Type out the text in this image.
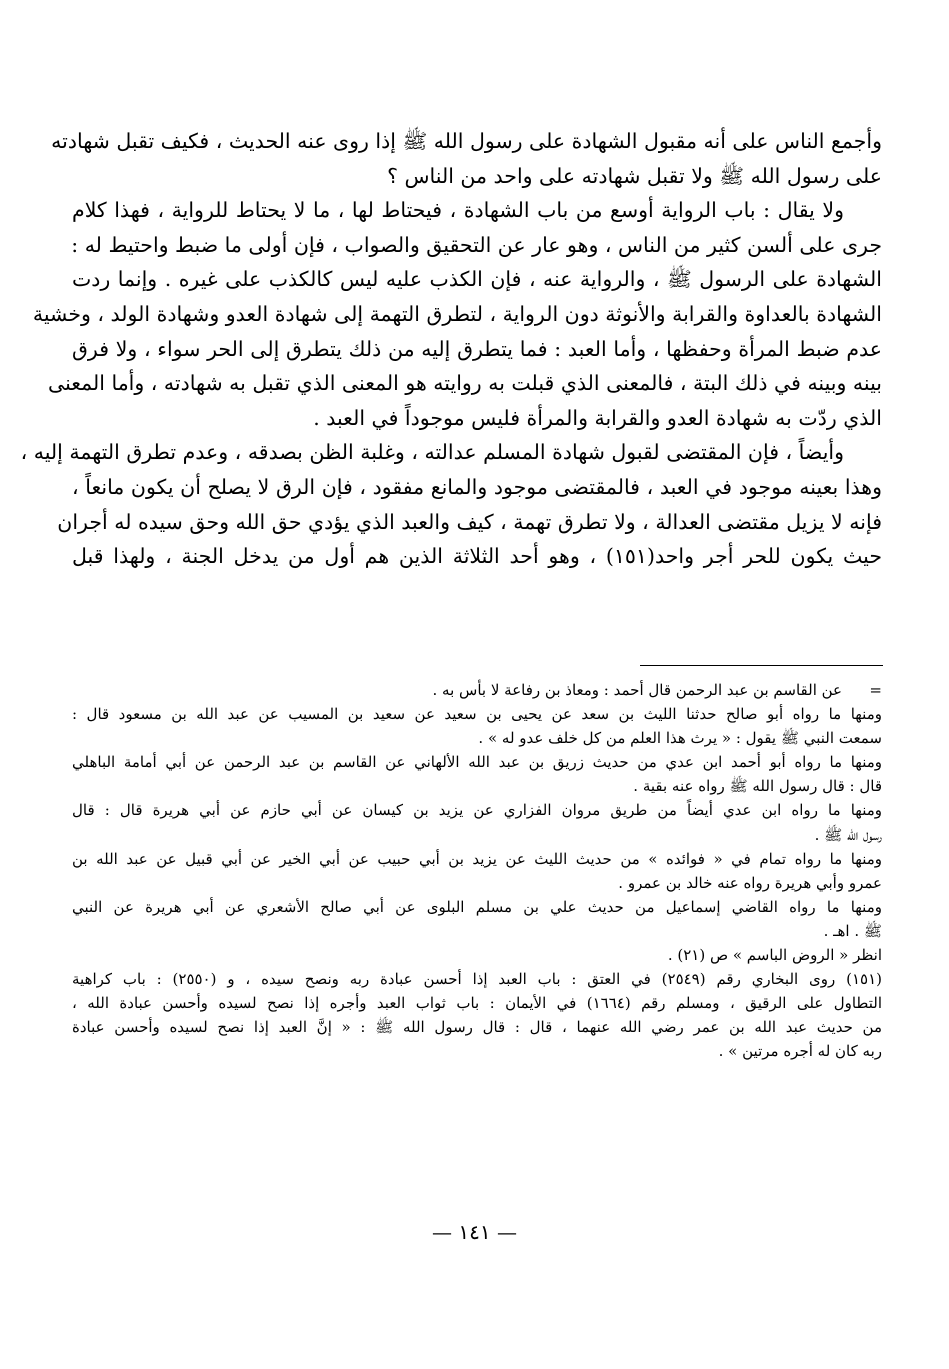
وأجمع الناس على أنه مقبول الشهادة على رسول الله ﷺ إذا روى عنه الحديث ، فكيف تقبل شهادته
على رسول الله ﷺ ولا تقبل شهادته على واحد من الناس ؟
ولا يقال : باب الرواية أوسع من باب الشهادة ، فيحتاط لها ، ما لا يحتاط للرواية ، فهذا كلام
جرى على ألسن كثير من الناس ، وهو عار عن التحقيق والصواب ، فإن أولى ما ضبط واحتيط له :
الشهادة على الرسول ﷺ ، والرواية عنه ، فإن الكذب عليه ليس كالكذب على غيره . وإنما ردت
الشهادة بالعداوة والقرابة والأنوثة دون الرواية ، لتطرق التهمة إلى شهادة العدو وشهادة الولد ، وخشية
عدم ضبط المرأة وحفظها ، وأما العبد : فما يتطرق إليه من ذلك يتطرق إلى الحر سواء ، ولا فرق
بينه وبينه في ذلك البتة ، فالمعنى الذي قبلت به روايته هو المعنى الذي تقبل به شهادته ، وأما المعنى
الذي ردّت به شهادة العدو والقرابة والمرأة فليس موجوداً في العبد .
وأيضاً ، فإن المقتضى لقبول شهادة المسلم عدالته ، وغلبة الظن بصدقه ، وعدم تطرق التهمة إليه ،
وهذا بعينه موجود في العبد ، فالمقتضى موجود والمانع مفقود ، فإن الرق لا يصلح أن يكون مانعاً ،
فإنه لا يزيل مقتضى العدالة ، ولا تطرق تهمة ، كيف والعبد الذي يؤدي حق الله وحق سيده له أجران
حيث يكون للحر أجر واحد(١٥١) ، وهو أحد الثلاثة الذين هم أول من يدخل الجنة ، ولهذا قبل
=عن القاسم بن عبد الرحمن قال أحمد : ومعاذ بن رفاعة لا بأس به .
ومنها ما رواه أبو صالح حدثنا الليث بن سعد عن يحيى بن سعيد عن سعيد بن المسيب عن عبد الله بن مسعود قال :
سمعت النبي ﷺ يقول : « يرث هذا العلم من كل خلف عدو له » .
ومنها ما رواه أبو أحمد ابن عدي من حديث زريق بن عبد الله الألهاني عن القاسم بن عبد الرحمن عن أبي أمامة الباهلي
قال : قال رسول الله ﷺ رواه عنه بقية .
ومنها ما رواه ابن عدي أيضاً من طريق مروان الفزاري عن يزيد بن كيسان عن أبي حازم عن أبي هريرة قال : قال
رسول الله ﷺ .
ومنها ما رواه تمام في « فوائده » من حديث الليث عن يزيد بن أبي حبيب عن أبي الخير عن أبي قبيل عن عبد الله بن
عمرو وأبي هريرة رواه عنه خالد بن عمرو .
ومنها ما رواه القاضي إسماعيل من حديث علي بن مسلم البلوى عن أبي صالح الأشعري عن أبي هريرة عن النبي
ﷺ . اهـ .
انظر « الروض الباسم » ص (٢١) .
(١٥١) روى البخاري رقم (٢٥٤٩) في العتق : باب العبد إذا أحسن عبادة ربه ونصح سيده ، و (٢٥٥٠) : باب كراهية
التطاول على الرقيق ، ومسلم رقم (١٦٦٤) في الأيمان : باب ثواب العبد وأجره إذا نصح لسيده وأحسن عبادة الله ،
من حديث عبد الله بن عمر رضي الله عنهما ، قال : قال رسول الله ﷺ : « إنَّ العبد إذا نصح لسيده وأحسن عبادة
ربه كان له أجره مرتين » .
— ١٤١ —
